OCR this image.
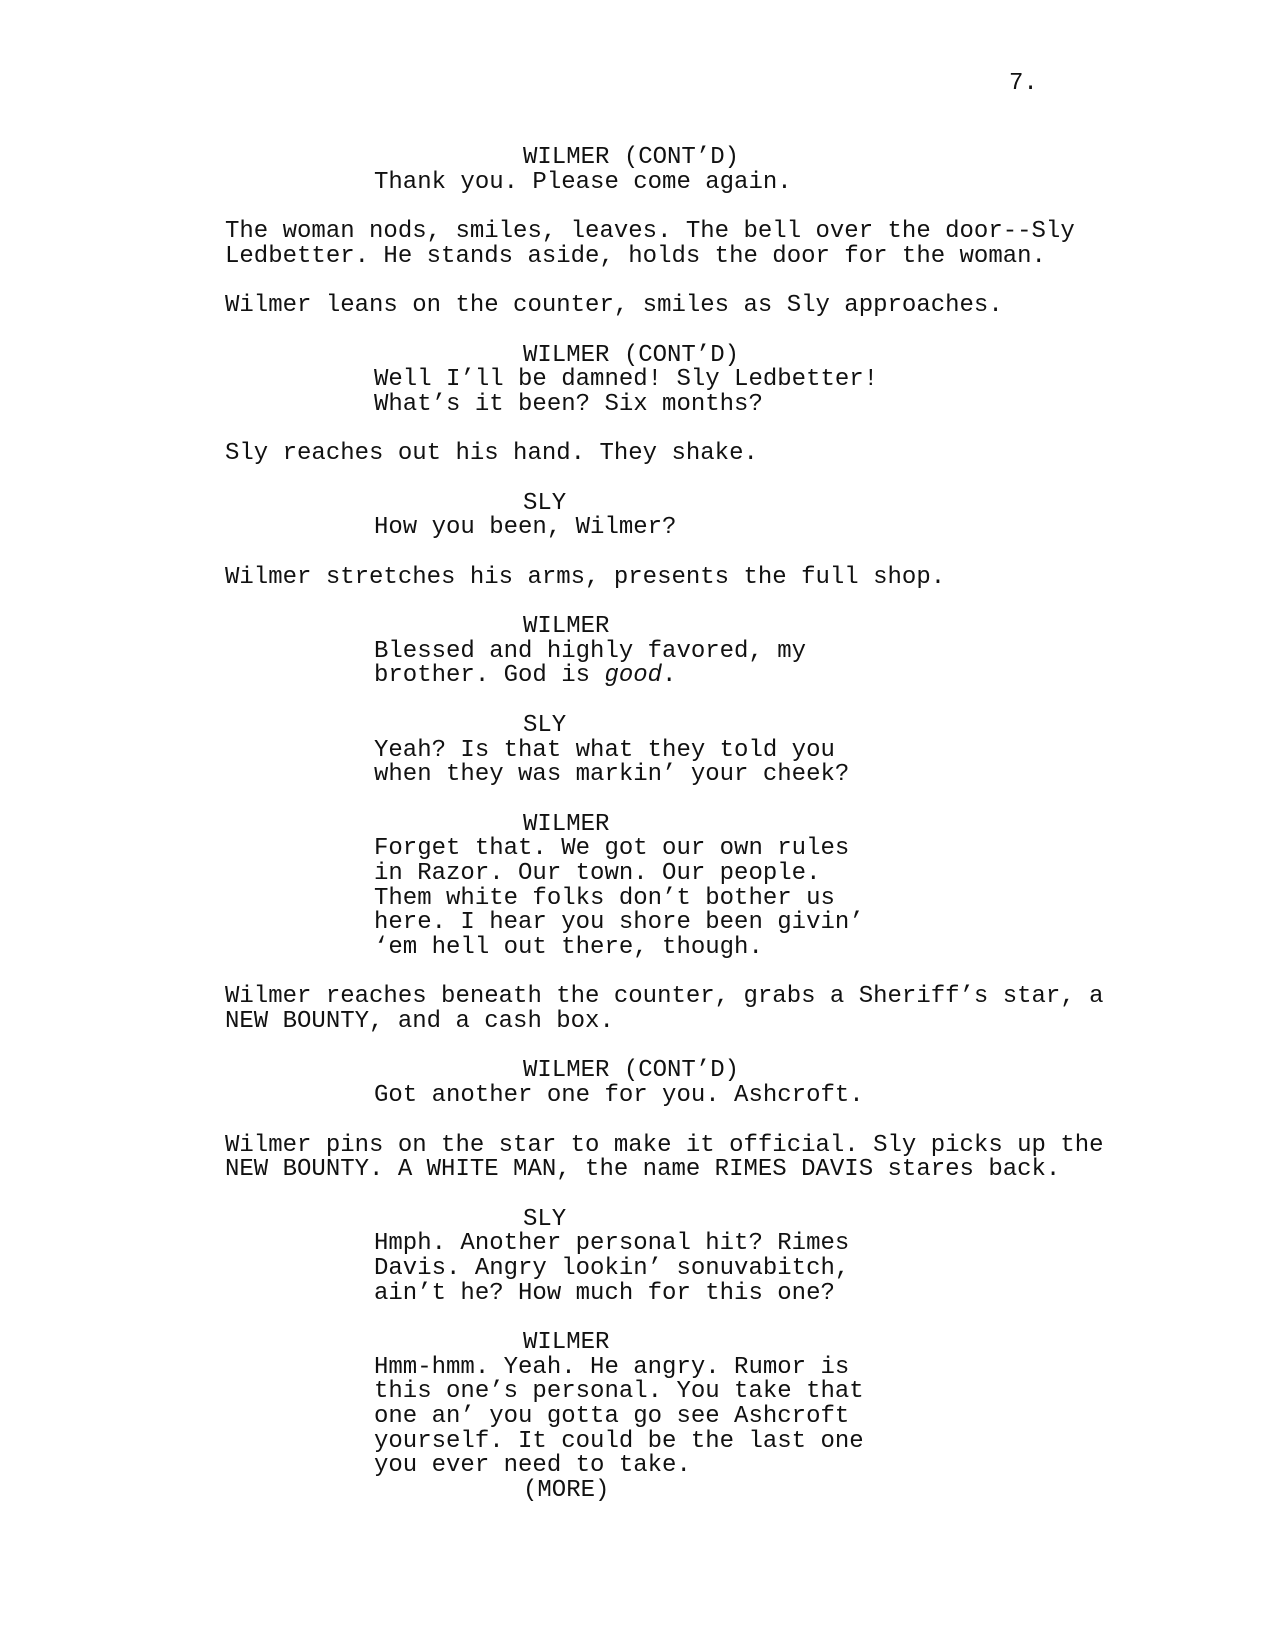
7.
WILMER (CONT’D)
Thank you. Please come again.
The woman nods, smiles, leaves. The bell over the door--Sly
Ledbetter. He stands aside, holds the door for the woman.
Wilmer leans on the counter, smiles as Sly approaches.
WILMER (CONT’D)
Well I’ll be damned! Sly Ledbetter!
What’s it been? Six months?
Sly reaches out his hand. They shake.
SLY
How you been, Wilmer?
Wilmer stretches his arms, presents the full shop.
WILMER
Blessed and highly favored, my
brother. God is good.
SLY
Yeah? Is that what they told you
when they was markin’ your cheek?
WILMER
Forget that. We got our own rules
in Razor. Our town. Our people.
Them white folks don’t bother us
here. I hear you shore been givin’
‘em hell out there, though.
Wilmer reaches beneath the counter, grabs a Sheriff’s star, a
NEW BOUNTY, and a cash box.
WILMER (CONT’D)
Got another one for you. Ashcroft.
Wilmer pins on the star to make it official. Sly picks up the
NEW BOUNTY. A WHITE MAN, the name RIMES DAVIS stares back.
SLY
Hmph. Another personal hit? Rimes
Davis. Angry lookin’ sonuvabitch,
ain’t he? How much for this one?
WILMER
Hmm-hmm. Yeah. He angry. Rumor is
this one’s personal. You take that
one an’ you gotta go see Ashcroft
yourself. It could be the last one
you ever need to take.
(MORE)
